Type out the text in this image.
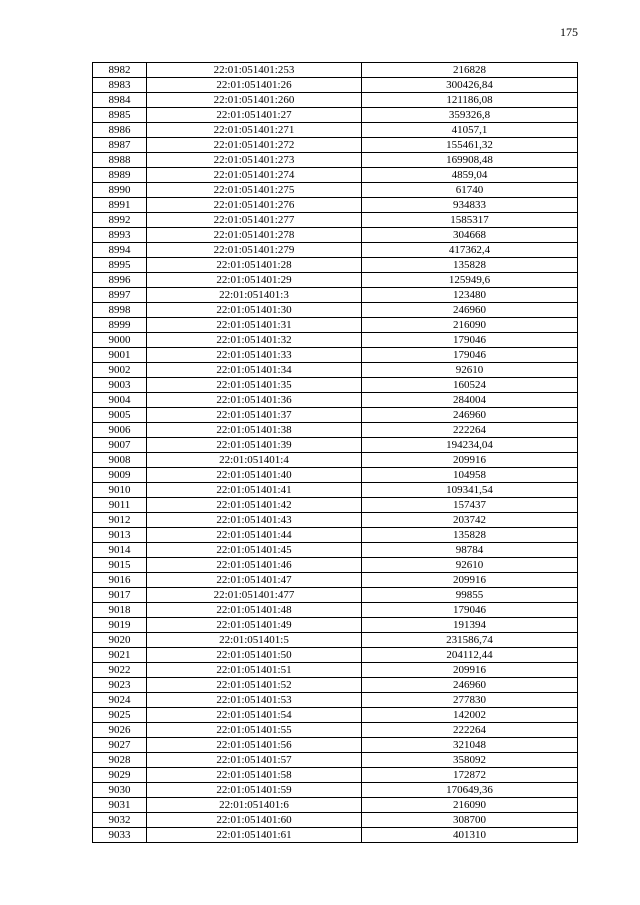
175
8982	22:01:051401:253	216828
8983	22:01:051401:26	300426,84
8984	22:01:051401:260	121186,08
8985	22:01:051401:27	359326,8
8986	22:01:051401:271	41057,1
8987	22:01:051401:272	155461,32
8988	22:01:051401:273	169908,48
8989	22:01:051401:274	4859,04
8990	22:01:051401:275	61740
8991	22:01:051401:276	934833
8992	22:01:051401:277	1585317
8993	22:01:051401:278	304668
8994	22:01:051401:279	417362,4
8995	22:01:051401:28	135828
8996	22:01:051401:29	125949,6
8997	22:01:051401:3	123480
8998	22:01:051401:30	246960
8999	22:01:051401:31	216090
9000	22:01:051401:32	179046
9001	22:01:051401:33	179046
9002	22:01:051401:34	92610
9003	22:01:051401:35	160524
9004	22:01:051401:36	284004
9005	22:01:051401:37	246960
9006	22:01:051401:38	222264
9007	22:01:051401:39	194234,04
9008	22:01:051401:4	209916
9009	22:01:051401:40	104958
9010	22:01:051401:41	109341,54
9011	22:01:051401:42	157437
9012	22:01:051401:43	203742
9013	22:01:051401:44	135828
9014	22:01:051401:45	98784
9015	22:01:051401:46	92610
9016	22:01:051401:47	209916
9017	22:01:051401:477	99855
9018	22:01:051401:48	179046
9019	22:01:051401:49	191394
9020	22:01:051401:5	231586,74
9021	22:01:051401:50	204112,44
9022	22:01:051401:51	209916
9023	22:01:051401:52	246960
9024	22:01:051401:53	277830
9025	22:01:051401:54	142002
9026	22:01:051401:55	222264
9027	22:01:051401:56	321048
9028	22:01:051401:57	358092
9029	22:01:051401:58	172872
9030	22:01:051401:59	170649,36
9031	22:01:051401:6	216090
9032	22:01:051401:60	308700
9033	22:01:051401:61	401310
